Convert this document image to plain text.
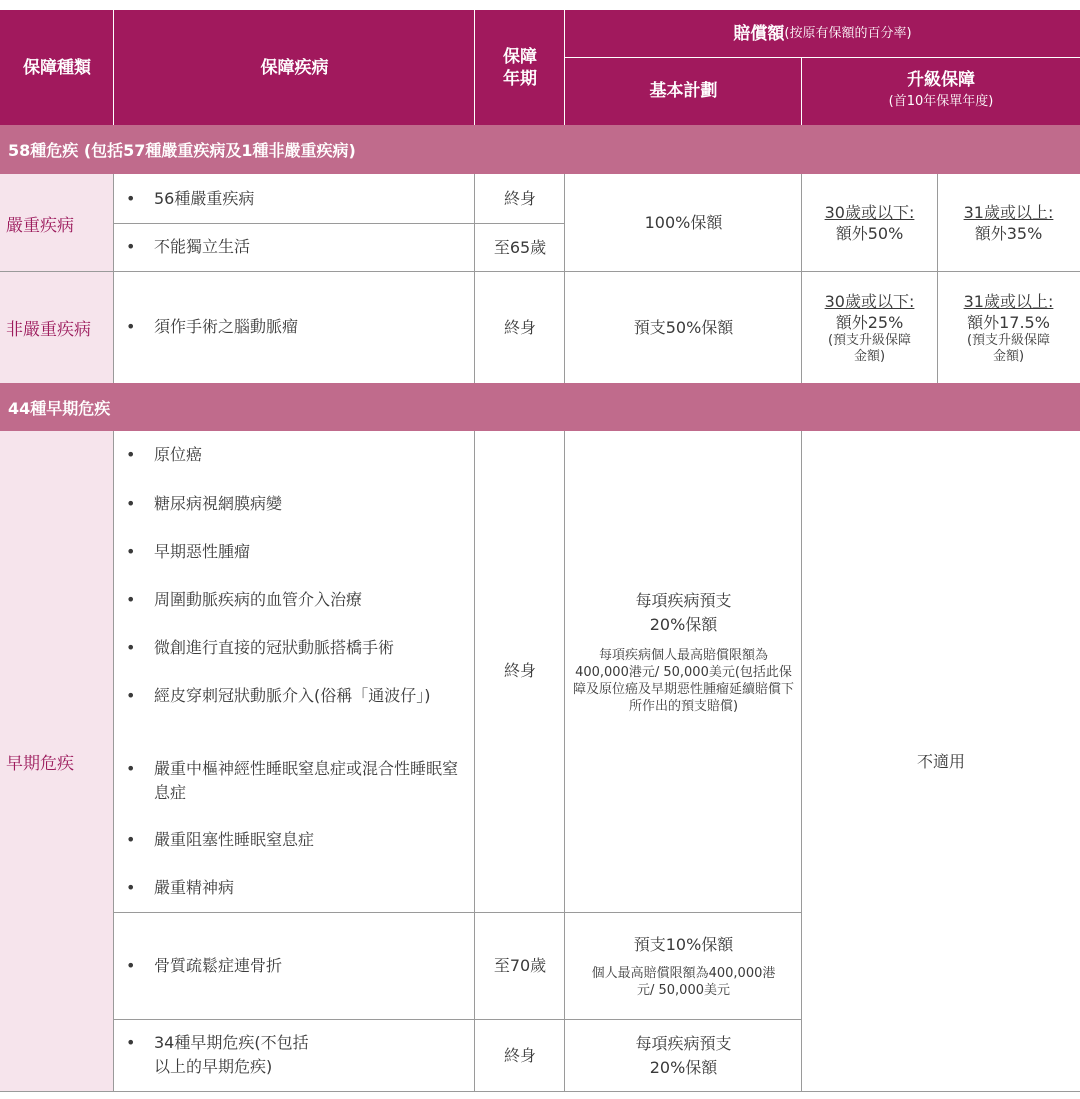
保障種類	保障疾病
保障年期
賠償額 (按原有保額的百分率)
基本計劃
升級保障
(首10年保單年度)
58種危疾 (包括57種嚴重疾病及1種非嚴重疾病)
嚴重疾病
• 56種嚴重疾病
• 不能獨立生活
終身
至65歲
100%保額
30歲或以下:
額外50%
31歲或以上:
額外35%
非嚴重疾病
•	須作手術之腦動脈瘤	終身	預支50%保額
30歲或以下:
額外25%
(預支升級保障金額)
31歲或以上:
額外17.5%
(預支升級保障金額)
44種早期危疾
早期危疾
• 原位癌
• 糖尿病視網膜病變
• 早期惡性腫瘤
• 周圍動脈疾病的血管介入治療
• 微創進行直接的冠狀動脈搭橋手術
• 經皮穿刺冠狀動脈介入(俗稱「通波仔」)
• 嚴重中樞神經性睡眠窒息症或混合性睡眠窒息症
• 嚴重阻塞性睡眠窒息症
• 嚴重精神病
終身
每項疾病預支20%保額
每項疾病個人最高賠償限額為400,000港元/ 50,000美元(包括此保障及原位癌及早期惡性腫瘤延續賠償下所作出的預支賠償)
• 骨質疏鬆症連骨折	至70歲
預支10%保額
個人最高賠償限額為400,000港元/ 50,000美元
• 34種早期危疾(不包括以上的早期危疾)
終身
每項疾病預支20%保額
不適用
